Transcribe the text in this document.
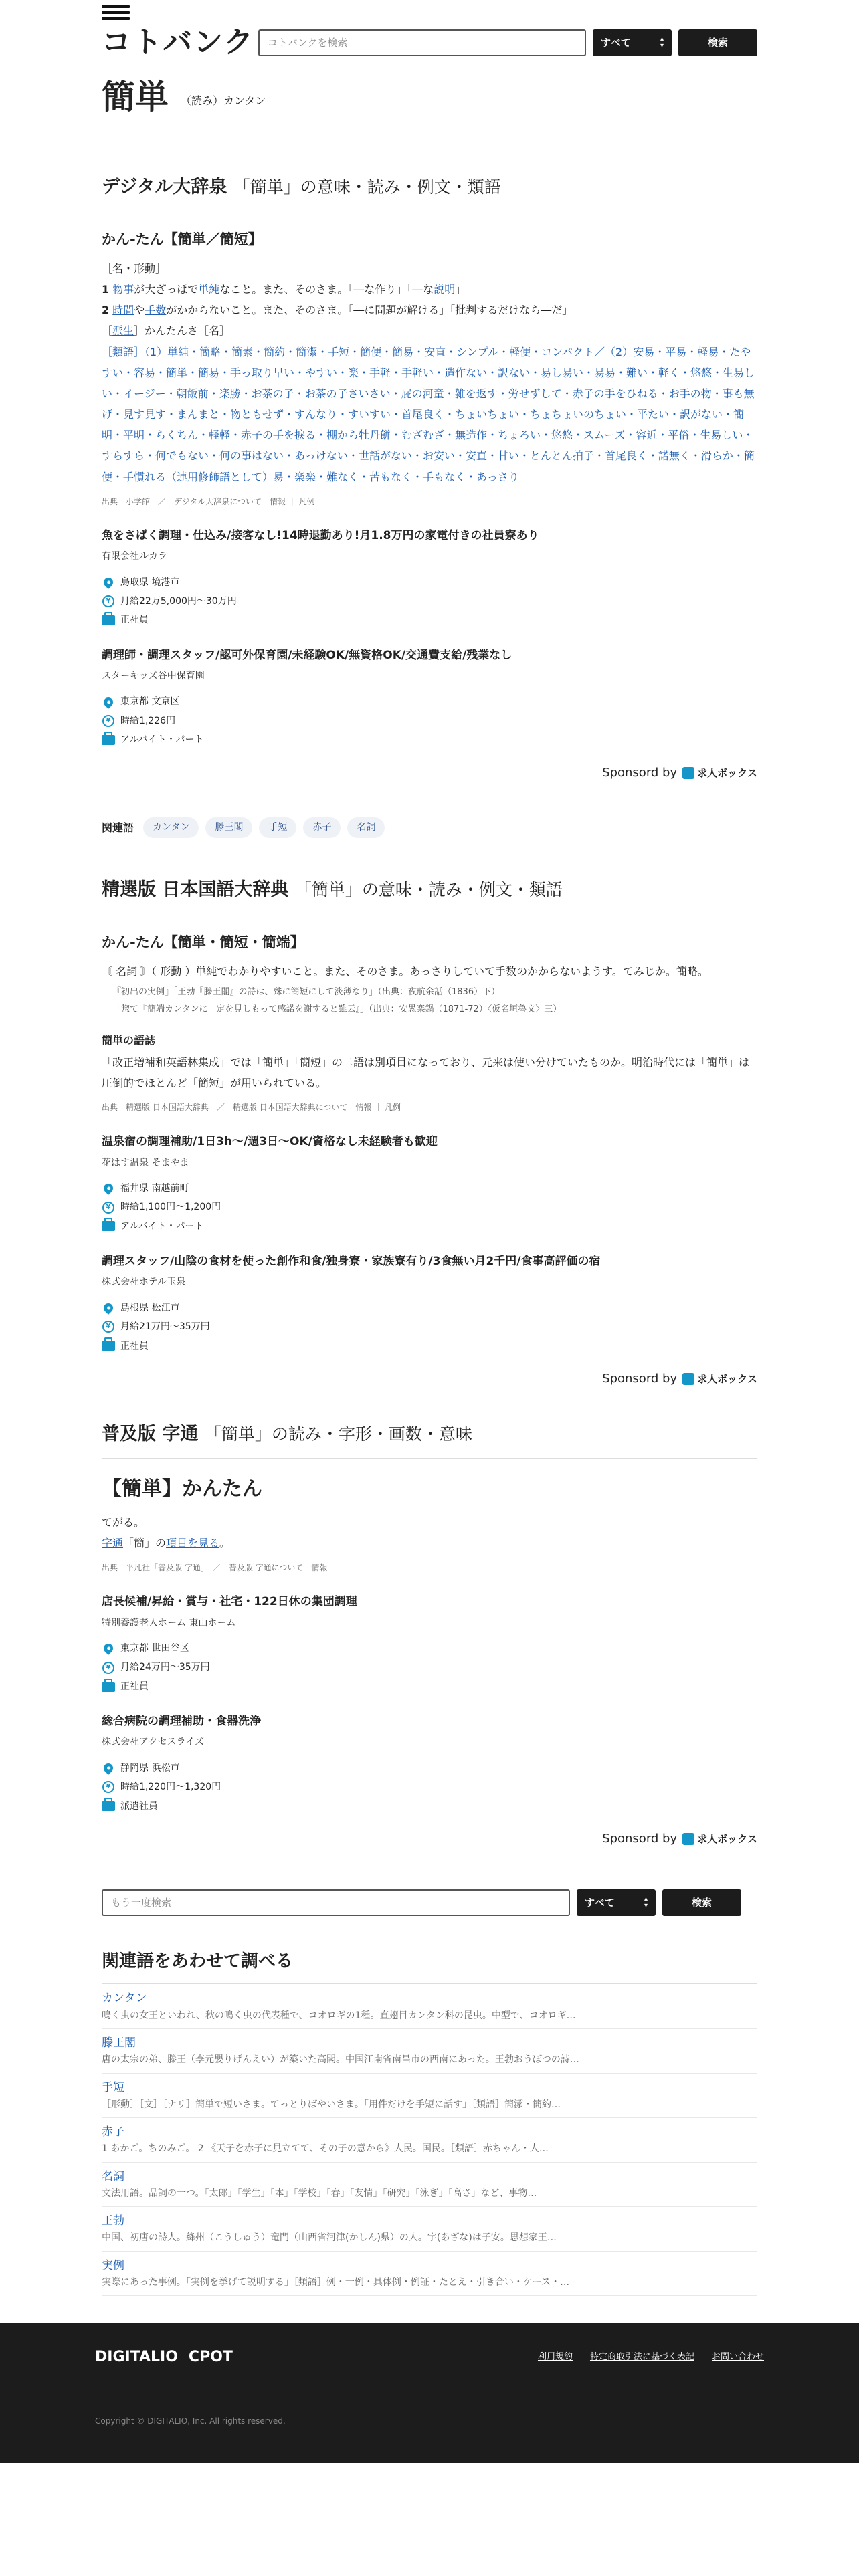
コトバンク	コトバンクを検索	すべて	▴
▾	検索
簡単 （読み）カンタン
デジタル大辞泉 「簡単」の意味・読み・例文・類語
かん‐たん【簡単／簡短】
［名・形動］
1 物事が大ざっぱで単純なこと。また、そのさま。「―な作り」「―な説明」
2 時間や手数がかからないこと。また、そのさま。「―に問題が解ける」「批判するだけなら―だ」
［派生］かんたんさ［名］
［類語］（1）単純・簡略・簡素・簡約・簡潔・手短・簡便・簡易・安直・シンプル・軽便・コンパクト／（2）安易・平易・軽易・たやすい・容易・簡単・簡易・手っ取り早い・やすい・楽・手軽・手軽い・造作ない・訳ない・易し易い・易易・難い・軽く・悠悠・生易しい・イージー・朝飯前・楽勝・お茶の子・お茶の子さいさい・屁の河童・雑を返す・労せずして・赤子の手をひねる・お手の物・事も無げ・見す見す・まんまと・物ともせず・すんなり・すいすい・首尾良く・ちょいちょい・ちょちょいのちょい・平たい・訳がない・簡明・平明・らくちん・軽軽・赤子の手を捩る・棚から牡丹餅・むざむざ・無造作・ちょろい・悠悠・スムーズ・容近・平俗・生易しい・すらすら・何でもない・何の事はない・あっけない・世話がない・お安い・安直・甘い・とんとん拍子・首尾良く・諾無く・滑らか・簡便・手慣れる（連用修飾語として）易・楽楽・難なく・苦もなく・手もなく・あっさり
出典　小学館　／　デジタル大辞泉について　情報 ｜ 凡例
魚をさばく調理・仕込み/接客なし!14時退勤あり!月1.8万円の家電付きの社員寮あり
有限会社ルカラ
鳥取県 境港市
¥	月給22万5,000円〜30万円
正社員
調理師・調理スタッフ/認可外保育園/未経験OK/無資格OK/交通費支給/残業なし
スターキッズ谷中保育園
東京都 文京区
¥	時給1,226円
アルバイト・パート
Sponsord by 求人ボックス
関連語	カンタン	滕王閣	手短	赤子	名詞
精選版 日本国語大辞典 「簡単」の意味・読み・例文・類語
かん‐たん【簡単・簡短・簡端】
〘 名詞 〙（ 形動 ）単純でわかりやすいこと。また、そのさま。あっさりしていて手数のかからないようす。てみじか。簡略。
『初出の実例』「王勃『滕王閣』の詩は、殊に簡短にして淡薄なり」（出典：夜航余話（1836）下）
「惣て『簡端カンタンに一定を見しもって感諾を謝すると雖云』」（出典：安愚楽鍋（1871‐72）〈仮名垣魯文〉三）
簡単の語誌
「改正増補和英語林集成」では「簡単」「簡短」の二語は別項目になっており、元来は使い分けていたものか。明治時代には「簡単」は圧倒的でほとんど「簡短」が用いられている。
出典　精選版 日本国語大辞典　／　精選版 日本国語大辞典について　情報 ｜ 凡例
温泉宿の調理補助/1日3h〜/週3日〜OK/資格なし未経験者も歓迎
花はす温泉 そまやま
福井県 南越前町
¥	時給1,100円〜1,200円
アルバイト・パート
調理スタッフ/山陰の食材を使った創作和食/独身寮・家族寮有り/3食無い月2千円/食事高評価の宿
株式会社ホテル玉泉
島根県 松江市
¥	月給21万円〜35万円
正社員
Sponsord by 求人ボックス
普及版 字通 「簡単」の読み・字形・画数・意味
【簡単】かんたん
てがる。
字通「簡」の項目を見る。
出典　平凡社「普及版 字通」　／　普及版 字通について　情報
店長候補/昇給・賞与・社宅・122日休の集団調理
特別養護老人ホーム 東山ホーム
東京都 世田谷区
¥	月給24万円〜35万円
正社員
総合病院の調理補助・食器洗浄
株式会社アクセスライズ
静岡県 浜松市
¥	時給1,220円〜1,320円
派遣社員
Sponsord by 求人ボックス
もう一度検索	すべて	▴
▾	検索
関連語をあわせて調べる
カンタン
鳴く虫の女王といわれ、秋の鳴く虫の代表種で、コオロギの1種。直翅目カンタン科の昆虫。中型で、コオロギ…
滕王閣
唐の太宗の弟、滕王（李元嬰りげんえい）が築いた高閣。中国江南省南昌市の西南にあった。王勃おうぼつの詩…
手短
［形動］［文］［ナリ］簡単で短いさま。てっとりばやいさま。「用件だけを手短に話す」［類語］簡潔・簡約…
赤子
1 あかご。ちのみご。 2 《天子を赤子に見立てて、その子の意から》人民。国民。［類語］赤ちゃん・人…
名詞
文法用語。品詞の一つ。「太郎」「学生」「本」「学校」「春」「友情」「研究」「泳ぎ」「高さ」など、事物…
王勃
中国、初唐の詩人。絳州（こうしゅう）竜門（山西省河津(かしん)県）の人。字(あざな)は子安。思想家王…
実例
実際にあった事例。「実例を挙げて説明する」［類語］例・一例・具体例・例証・たとえ・引き合い・ケース・…
DIGITALIO CPOT	利用規約 特定商取引法に基づく表記 お問い合わせ
Copyright © DIGITALIO, Inc. All rights reserved.
